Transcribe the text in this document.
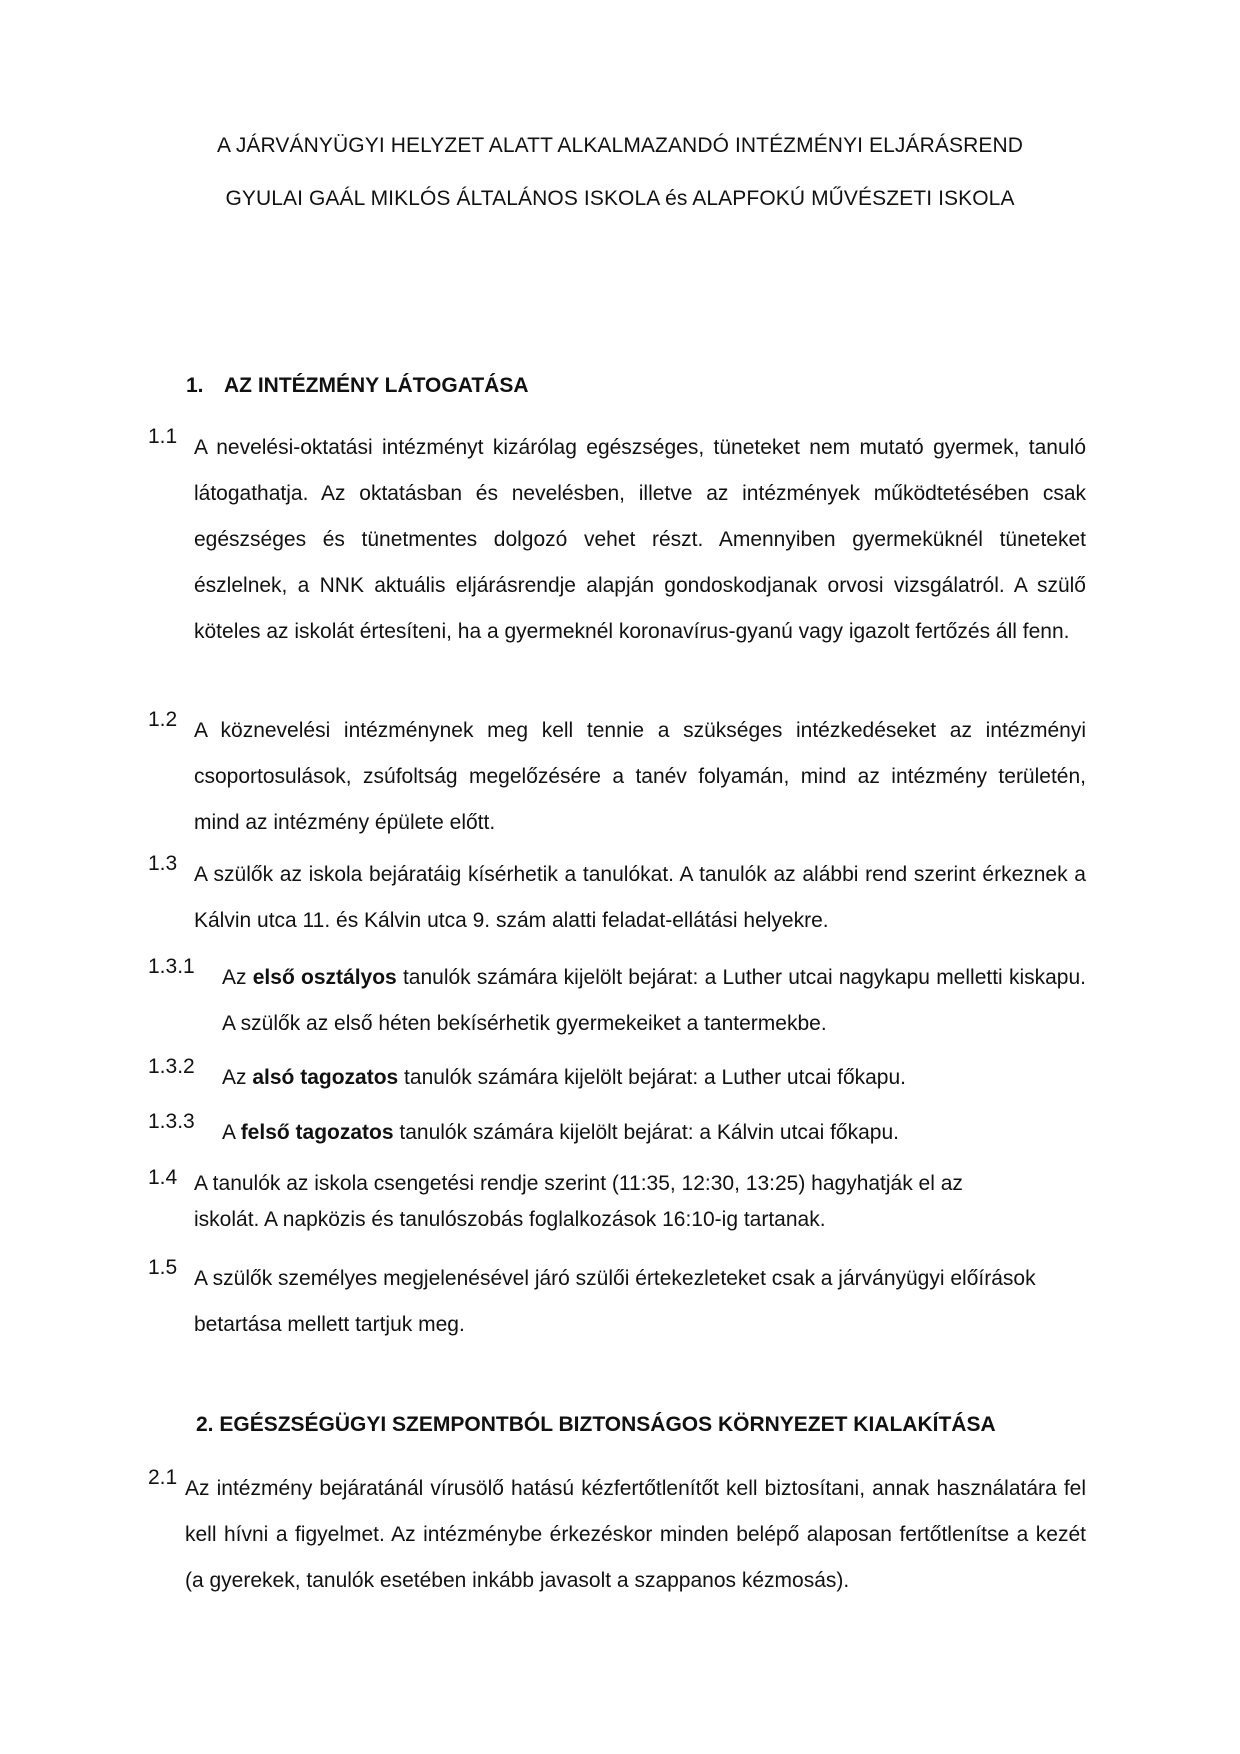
A JÁRVÁNYÜGYI HELYZET ALATT ALKALMAZANDÓ INTÉZMÉNYI ELJÁRÁSREND
GYULAI GAÁL MIKLÓS ÁLTALÁNOS ISKOLA és ALAPFOKÚ MŰVÉSZETI ISKOLA
1. AZ INTÉZMÉNY LÁTOGATÁSA
1.1 A nevelési-oktatási intézményt kizárólag egészséges, tüneteket nem mutató gyermek, tanuló látogathatja. Az oktatásban és nevelésben, illetve az intézmények működtetésében csak egészséges és tünetmentes dolgozó vehet részt. Amennyiben gyermeküknél tüneteket észlelnek, a NNK aktuális eljárásrendje alapján gondoskodjanak orvosi vizsgálatról. A szülő köteles az iskolát értesíteni, ha a gyermeknél koronavírus-gyanú vagy igazolt fertőzés áll fenn.
1.2 A köznevelési intézménynek meg kell tennie a szükséges intézkedéseket az intézményi csoportosulások, zsúfoltság megelőzésére a tanév folyamán, mind az intézmény területén, mind az intézmény épülete előtt.
1.3 A szülők az iskola bejáratáig kísérhetik a tanulókat. A tanulók az alábbi rend szerint érkeznek a Kálvin utca 11. és Kálvin utca 9. szám alatti feladat-ellátási helyekre.
1.3.1 Az első osztályos tanulók számára kijelölt bejárat: a Luther utcai nagykapu melletti kiskapu. A szülők az első héten bekísérhetik gyermekeiket a tantermekbe.
1.3.2 Az alsó tagozatos tanulók számára kijelölt bejárat: a Luther utcai főkapu.
1.3.3 A felső tagozatos tanulók számára kijelölt bejárat: a Kálvin utcai főkapu.
1.4 A tanulók az iskola csengetési rendje szerint (11:35, 12:30, 13:25) hagyhatják el az
iskolát. A napközis és tanulószobás foglalkozások 16:10-ig tartanak.
1.5 A szülők személyes megjelenésével járó szülői értekezleteket csak a járványügyi előírások betartása mellett tartjuk meg.
2. EGÉSZSÉGÜGYI SZEMPONTBÓL BIZTONSÁGOS KÖRNYEZET KIALAKÍTÁSA
2.1 Az intézmény bejáratánál vírusölő hatású kézfertőtlenítőt kell biztosítani, annak használatára fel kell hívni a figyelmet. Az intézménybe érkezéskor minden belépő alaposan fertőtlenítse a kezét (a gyerekek, tanulók esetében inkább javasolt a szappanos kézmosás).
